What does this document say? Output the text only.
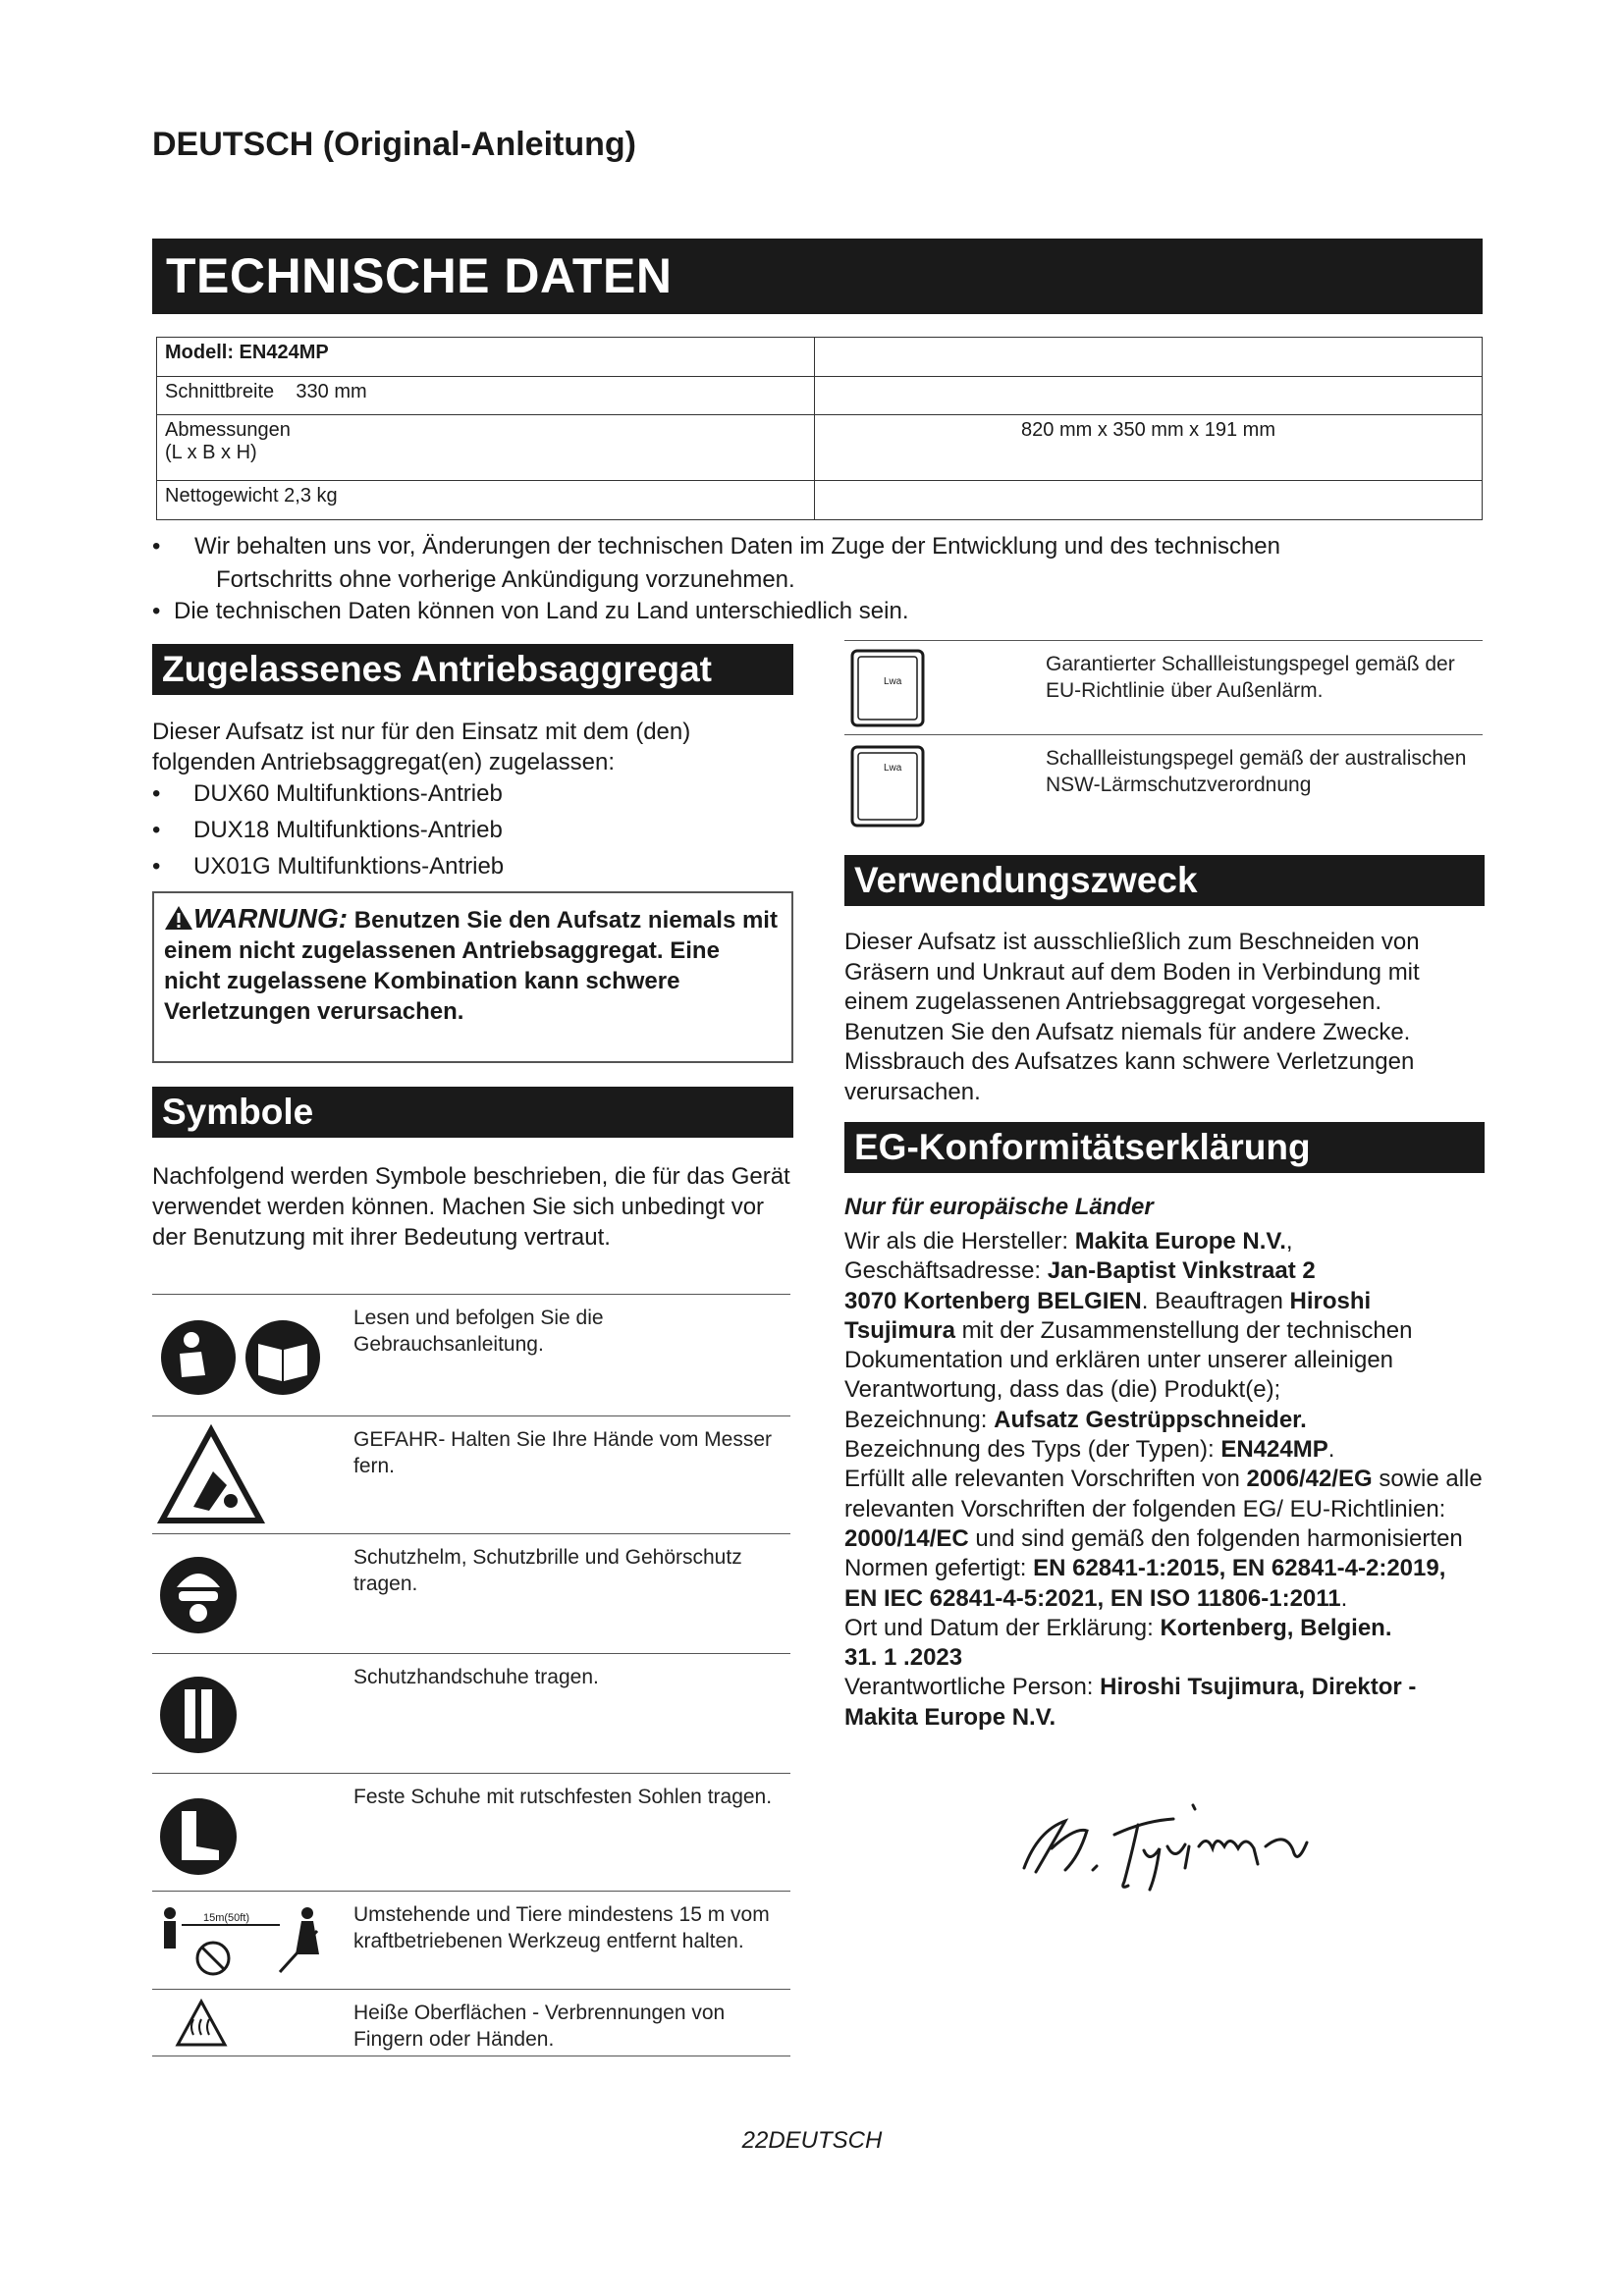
DEUTSCH (Original-Anleitung)
TECHNISCHE DATEN
Modell: EN424MP	
Schnittbreite    330 mm	
Abmessungen
(L x B x H)	820 mm x 350 mm x 191 mm
Nettogewicht 2,3 kg	
• Wir behalten uns vor, Änderungen der technischen Daten im Zuge der Entwicklung und des technischen
Fortschritts ohne vorherige Ankündigung vorzunehmen.
• Die technischen Daten können von Land zu Land unterschiedlich sein.
Zugelassenes Antriebsaggregat
Dieser Aufsatz ist nur für den Einsatz mit dem (den) folgenden Antriebsaggregat(en) zugelassen:
• DUX60 Multifunktions-Antrieb
• DUX18 Multifunktions-Antrieb
• UX01G Multifunktions-Antrieb
WARNUNG: Benutzen Sie den Aufsatz niemals mit einem nicht zugelassenen Antriebsaggregat. Eine nicht zugelassene Kombination kann schwere Verletzungen verursachen.
Symbole
Nachfolgend werden Symbole beschrieben, die für das Gerät verwendet werden können. Machen Sie sich unbedingt vor der Benutzung mit ihrer Bedeutung vertraut.
Lesen und befolgen Sie die Gebrauchsanleitung.
GEFAHR- Halten Sie Ihre Hände vom Messer fern.
Schutzhelm, Schutzbrille und Gehörschutz tragen.
Schutzhandschuhe tragen.
Feste Schuhe mit rutschfesten Sohlen tragen.
15m(50ft)	Umstehende und Tiere mindestens 15 m vom kraftbetriebenen Werkzeug entfernt halten.
Heiße Oberflächen - Verbrennungen von Fingern oder Händen.
Lwa
Garantierter Schallleistungspegel gemäß der EU-Richtlinie über Außenlärm.
Lwa	Schallleistungspegel gemäß der australischen NSW-Lärmschutzverordnung
Verwendungszweck
Dieser Aufsatz ist ausschließlich zum Beschneiden von Gräsern und Unkraut auf dem Boden in Verbindung mit einem zugelassenen Antriebsaggregat vorgesehen. Benutzen Sie den Aufsatz niemals für andere Zwecke. Missbrauch des Aufsatzes kann schwere Verletzungen verursachen.
EG-Konformitätserklärung
Nur für europäische Länder
Wir als die Hersteller: Makita Europe N.V.,
Geschäftsadresse: Jan-Baptist Vinkstraat 2
3070 Kortenberg BELGIEN. Beauftragen Hiroshi Tsujimura mit der Zusammenstellung der technischen Dokumentation und erklären unter unserer alleinigen Verantwortung, dass das (die) Produkt(e);
Bezeichnung: Aufsatz Gestrüppschneider.
Bezeichnung des Typs (der Typen): EN424MP.
Erfüllt alle relevanten Vorschriften von 2006/42/EG sowie alle relevanten Vorschriften der folgenden EG/ EU-Richtlinien: 2000/14/EC und sind gemäß den folgenden harmonisierten Normen gefertigt: EN 62841-1:2015, EN 62841-4-2:2019, EN IEC 62841-4-5:2021, EN ISO 11806-1:2011.
Ort und Datum der Erklärung: Kortenberg, Belgien.
31. 1 .2023
Verantwortliche Person: Hiroshi Tsujimura, Direktor - Makita Europe N.V.
22DEUTSCH
